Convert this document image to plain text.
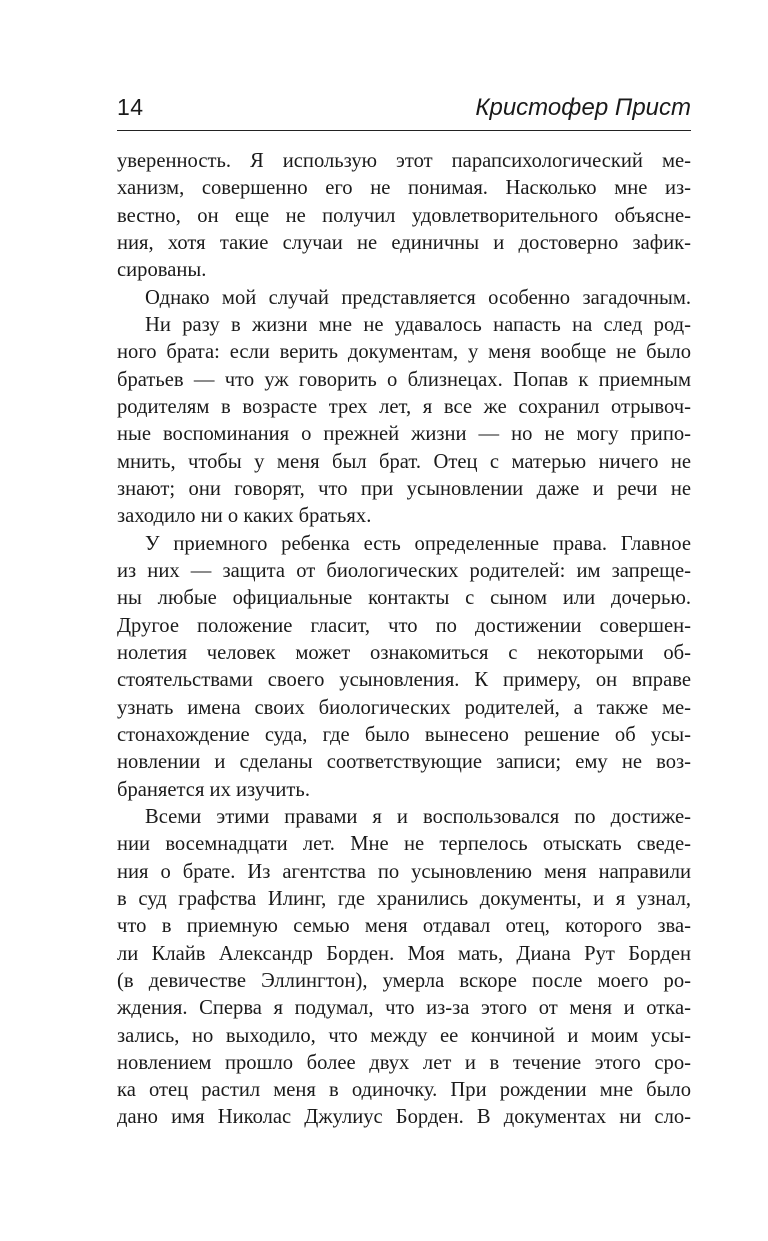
14	Кристофер Прист
уверенность. Я использую этот парапсихологический ме-
ханизм, совершенно его не понимая. Насколько мне из-
вестно, он еще не получил удовлетворительного объясне-
ния, хотя такие случаи не единичны и достоверно зафик-
сированы.
Однако мой случай представляется особенно загадочным.
Ни разу в жизни мне не удавалось напасть на след род-
ного брата: если верить документам, у меня вообще не было
братьев — что уж говорить о близнецах. Попав к приемным
родителям в возрасте трех лет, я все же сохранил отрывоч-
ные воспоминания о прежней жизни — но не могу припо-
мнить, чтобы у меня был брат. Отец с матерью ничего не
знают; они говорят, что при усыновлении даже и речи не
заходило ни о каких братьях.
У приемного ребенка есть определенные права. Главное
из них — защита от биологических родителей: им запреще-
ны любые официальные контакты с сыном или дочерью.
Другое положение гласит, что по достижении совершен-
нолетия человек может ознакомиться с некоторыми об-
стоятельствами своего усыновления. К примеру, он вправе
узнать имена своих биологических родителей, а также ме-
стонахождение суда, где было вынесено решение об усы-
новлении и сделаны соответствующие записи; ему не воз-
браняется их изучить.
Всеми этими правами я и воспользовался по достиже-
нии восемнадцати лет. Мне не терпелось отыскать сведе-
ния о брате. Из агентства по усыновлению меня направили
в суд графства Илинг, где хранились документы, и я узнал,
что в приемную семью меня отдавал отец, которого зва-
ли Клайв Александр Борден. Моя мать, Диана Рут Борден
(в девичестве Эллингтон), умерла вскоре после моего ро-
ждения. Сперва я подумал, что из-за этого от меня и отка-
зались, но выходило, что между ее кончиной и моим усы-
новлением прошло более двух лет и в течение этого сро-
ка отец растил меня в одиночку. При рождении мне было
дано имя Николас Джулиус Борден. В документах ни сло-
